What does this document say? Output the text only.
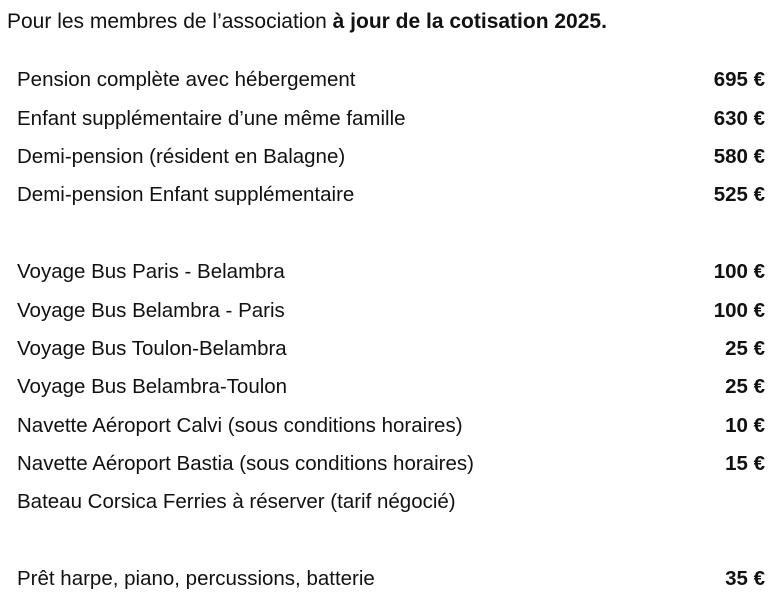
Pour les membres de l’association à jour de la cotisation 2025.
Pension complète avec hébergement	695 €
Enfant supplémentaire d’une même famille	630 €
Demi-pension (résident en Balagne)	580 €
Demi-pension Enfant supplémentaire	525 €
Voyage Bus Paris - Belambra	100 €
Voyage Bus Belambra - Paris	100 €
Voyage Bus Toulon-Belambra	25 €
Voyage Bus Belambra-Toulon	25 €
Navette Aéroport Calvi (sous conditions horaires)	10 €
Navette Aéroport Bastia (sous conditions horaires)	15 €
Bateau Corsica Ferries à réserver (tarif négocié)
Prêt harpe, piano, percussions, batterie	35 €
